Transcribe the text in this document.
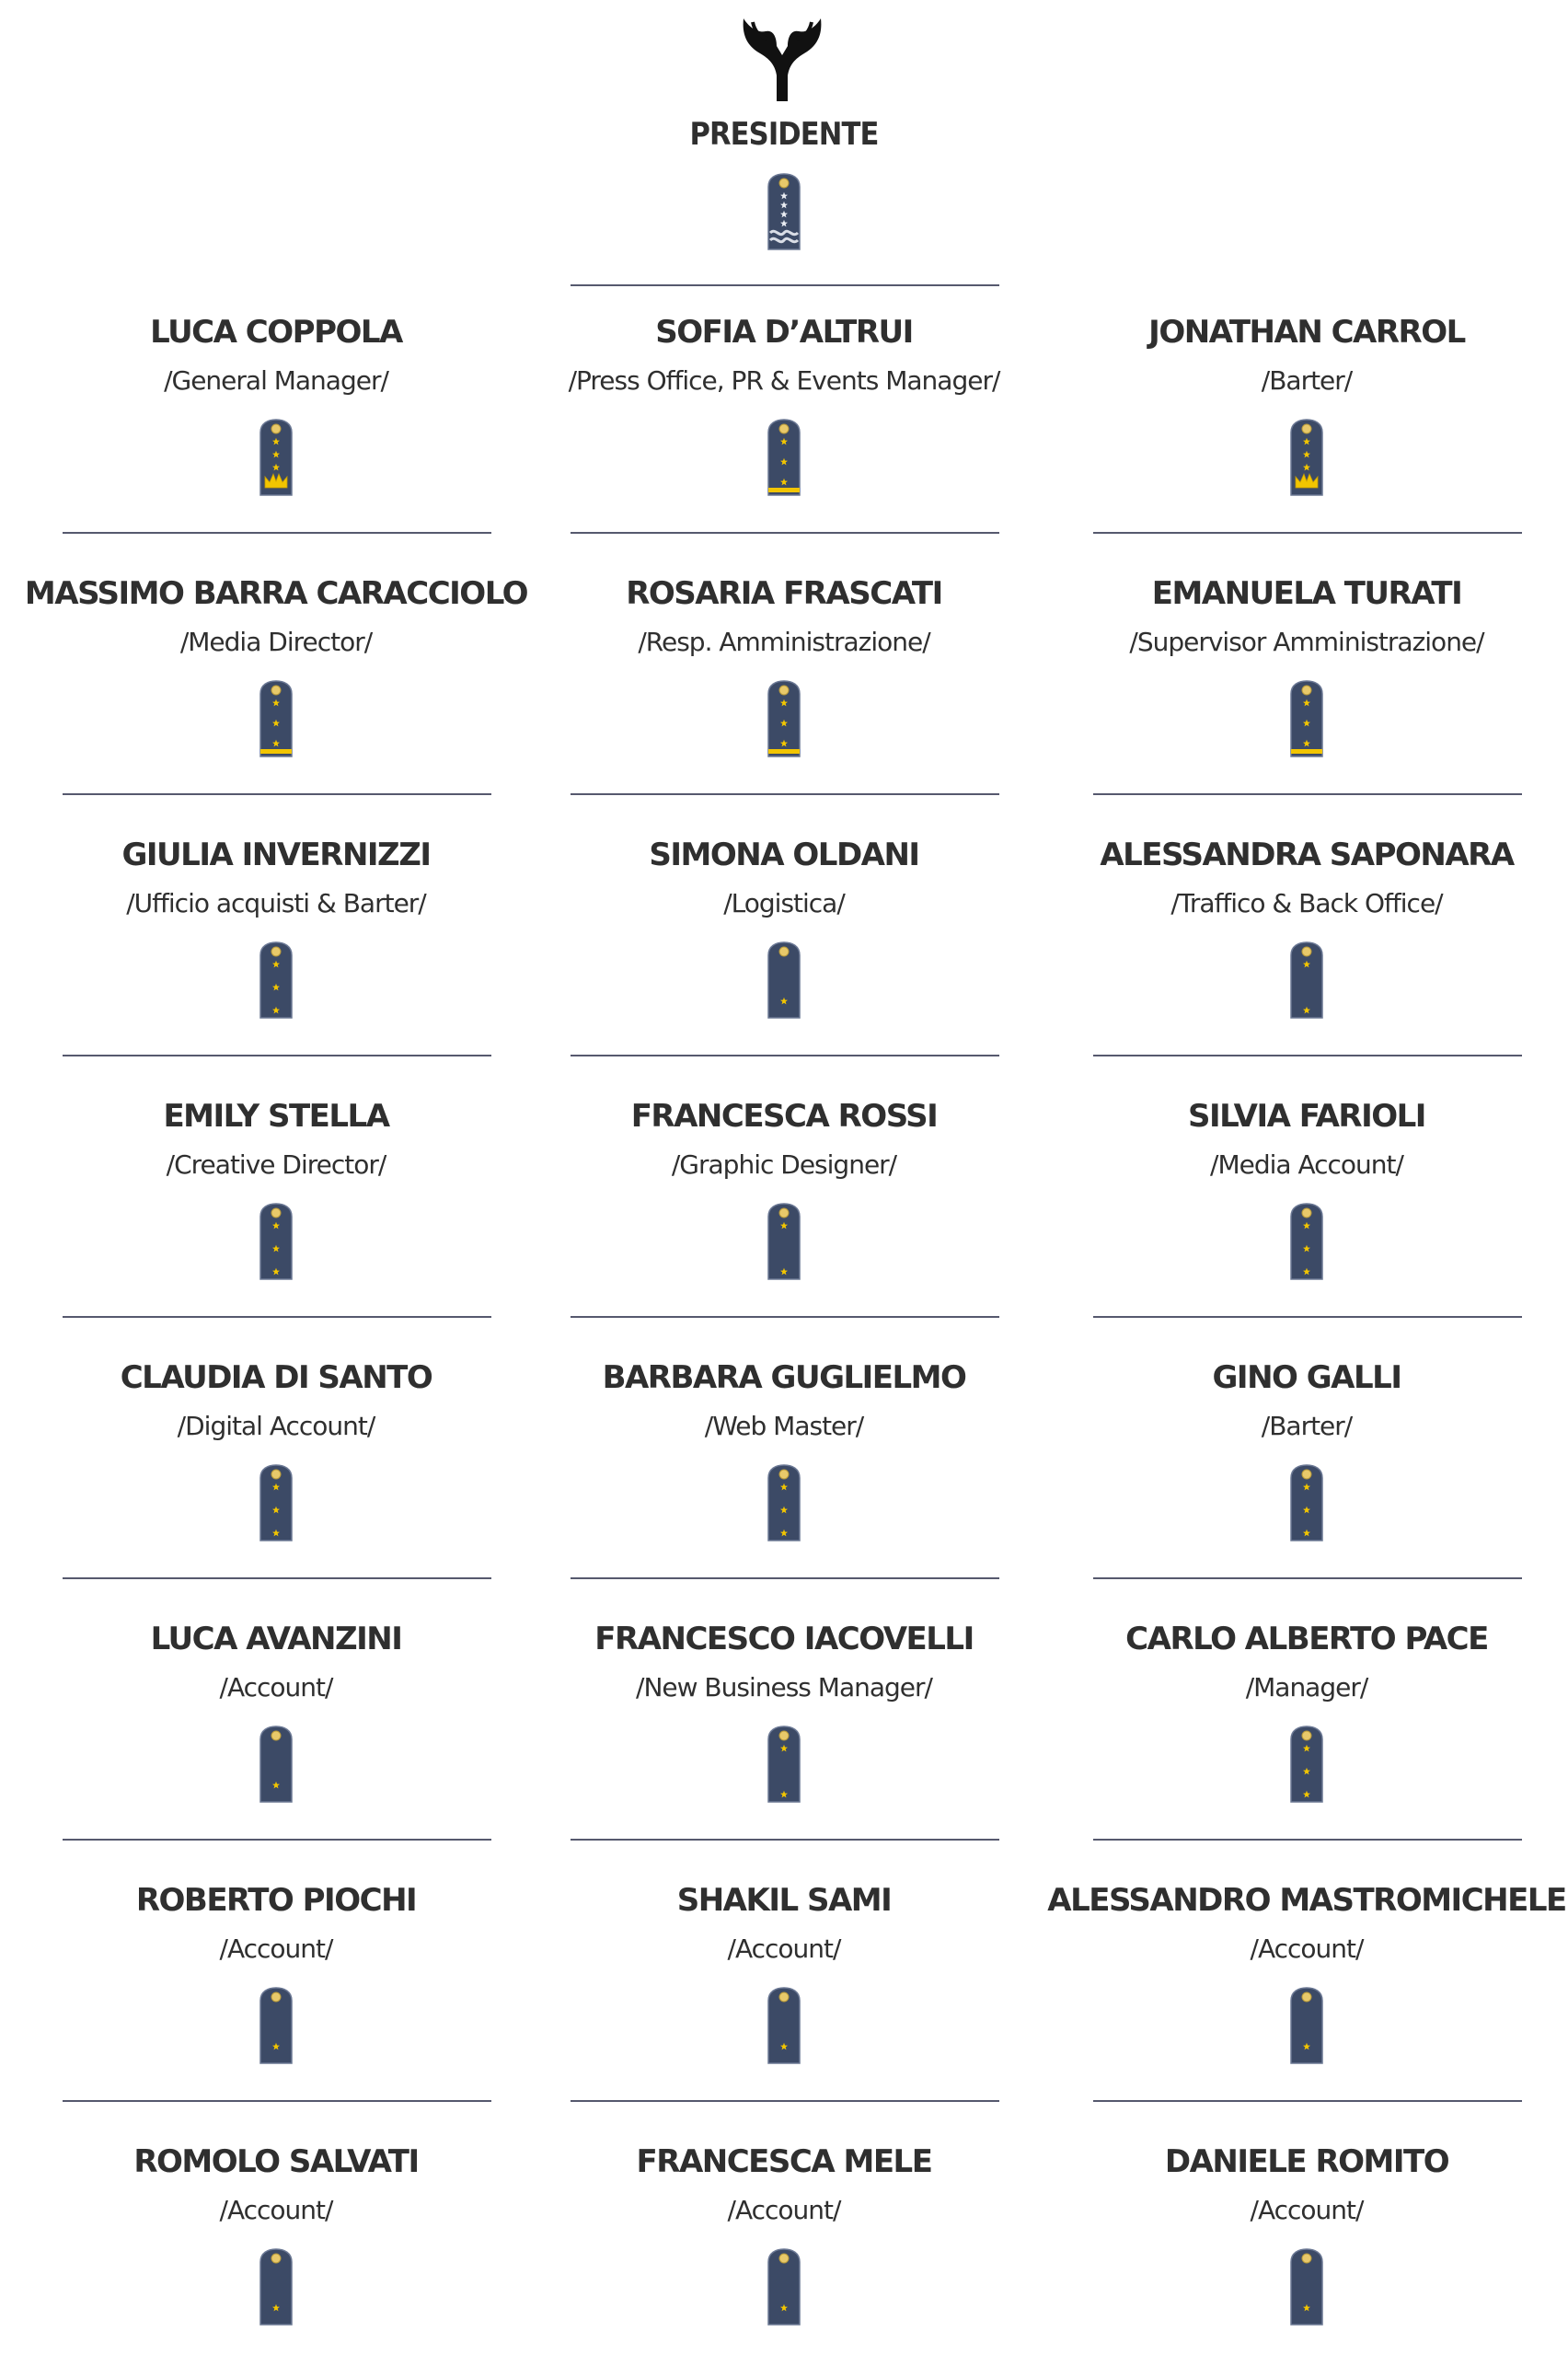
PRESIDENTE
LUCA COPPOLA
/General Manager/
SOFIA D’ALTRUI
/Press Office, PR & Events Manager/
JONATHAN CARROL
/Barter/
MASSIMO BARRA CARACCIOLO
/Media Director/
ROSARIA FRASCATI
/Resp. Amministrazione/
EMANUELA TURATI
/Supervisor Amministrazione/
GIULIA INVERNIZZI
/Ufficio acquisti & Barter/
SIMONA OLDANI
/Logistica/
ALESSANDRA SAPONARA
/Traffico & Back Office/
EMILY STELLA
/Creative Director/
FRANCESCA ROSSI
/Graphic Designer/
SILVIA FARIOLI
/Media Account/
CLAUDIA DI SANTO
/Digital Account/
BARBARA GUGLIELMO
/Web Master/
GINO GALLI
/Barter/
LUCA AVANZINI
/Account/
FRANCESCO IACOVELLI
/New Business Manager/
CARLO ALBERTO PACE
/Manager/
ROBERTO PIOCHI
/Account/
SHAKIL SAMI
/Account/
ALESSANDRO MASTROMICHELE
/Account/
ROMOLO SALVATI
/Account/
FRANCESCA MELE
/Account/
DANIELE ROMITO
/Account/
